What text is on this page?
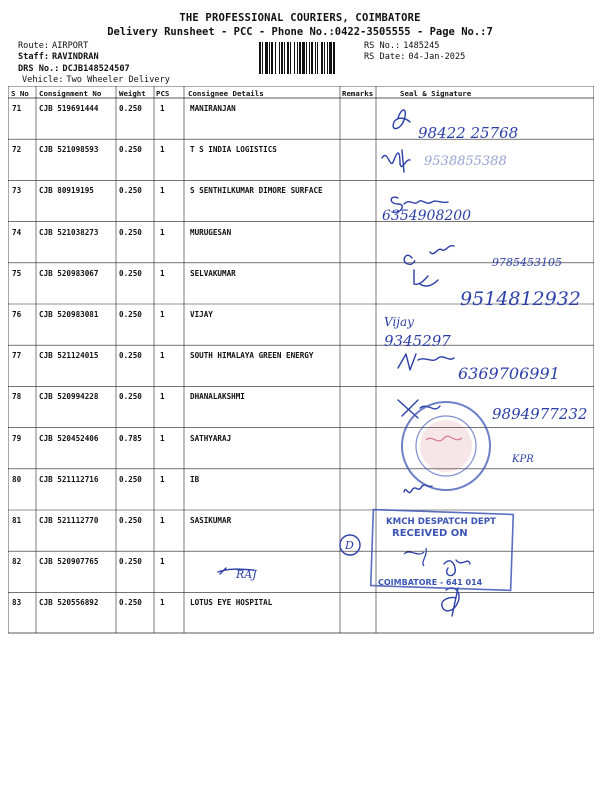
THE PROFESSIONAL COURIERS, COIMBATORE
Delivery Runsheet - PCC - Phone No.:0422-3505555 - Page No.:7
Route: AIRPORT
Staff: RAVINDRAN
DRS No.: DCJB148524507
Vehicle: Two Wheeler Delivery
RS No.: 1485245
RS Date: 04-Jan-2025
S No Consignment No Weight PCS	Consignee Details	Remarks	Seal & Signature
71 CJB 519691444	0.250 1	MANIRANJAN
72 CJB 521098593	0.250 1	T S INDIA LOGISTICS
73 CJB 80919195	0.250 1	S SENTHILKUMAR DIMORE SURFACE
74 CJB 521038273	0.250 1	MURUGESAN
75 CJB 520983067	0.250 1	SELVAKUMAR
76 CJB 520983081	0.250 1	VIJAY
77 CJB 521124015	0.250 1	SOUTH HIMALAYA GREEN ENERGY
78 CJB 520994228	0.250 1	DHANALAKSHMI
79 CJB 520452406	0.785 1	SATHYARAJ
80 CJB 521112716	0.250 1	IB
81 CJB 521112770	0.250 1	SASIKUMAR
82 CJB 520907765	0.250 1
83 CJB 520556892	0.250 1	LOTUS EYE HOSPITAL
98422 25768
9538855388
6354908200
9785453105
9514812932
Vijay
9345297
6369706991
9894977232
KPR
RAJ
D
KMCH DESPATCH DEPT
RECEIVED ON
COIMBATORE - 641 014
